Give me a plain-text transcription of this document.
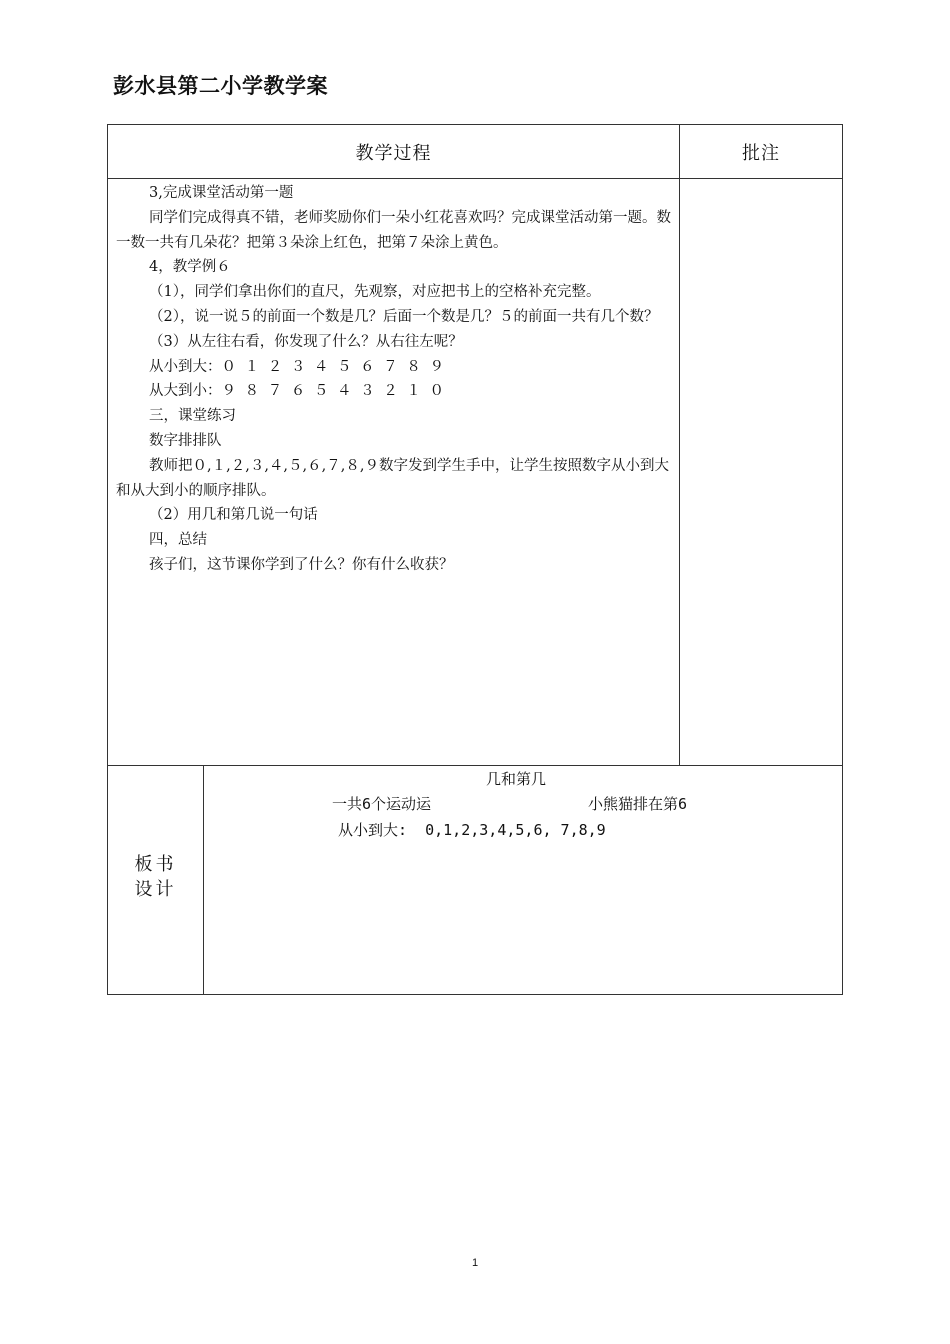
彭水县第二小学教学案
教学过程	批注

3,完成课堂活动第一题

同学们完成得真不错，老师奖励你们一朵小红花喜欢吗？完成课堂活动第一题。数一数一共有几朵花？把第３朵涂上红色，把第７朵涂上黄色。

4，教学例６

（1），同学们拿出你们的直尺，先观察，对应把书上的空格补充完整。

（2），说一说５的前面一个数是几？后面一个数是几？５的前面一共有几个数？

（3）从左往右看，你发现了什么？从右往左呢？

从小到大：０ １ ２ ３ ４ ５ ６ ７ ８ ９

从大到小：９ ８ ７ ６ ５ ４ ３ ２ １ ０

三，课堂练习

数字排排队

教师把０,１,２,３,４,５,６,７,８,９数字发到学生手中，让学生按照数字从小到大和从大到小的顺序排队。

（2）用几和第几说一句话

四，总结

孩子们，这节课你学到了什么？你有什么收获？

板书
设计
几和第几
一共6个运动运	小熊猫排在第6
从小到大:  0,1,2,3,4,5,6, 7,8,9
1
